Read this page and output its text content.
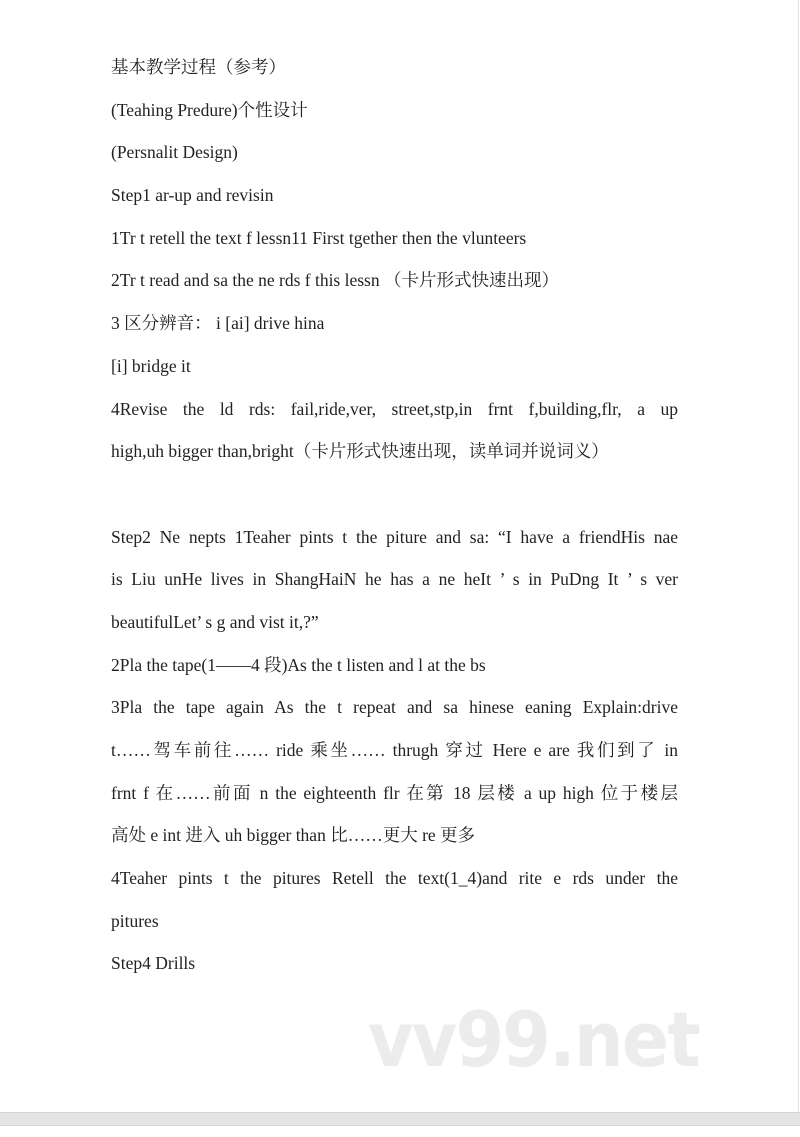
基本教学过程（参考）
(Teahing Predure)个性设计
(Persnalit Design)
Step1 ar-up and revisin
1Tr t retell the text f lessn11 First tgether then the vlunteers
2Tr t read and sa the ne rds f this lessn （卡片形式快速出现）
3 区分辨音： i [ai] drive hina
[i] bridge it
4Revise the ld rds: fail,ride,ver, street,stp,in frnt f,building,flr, a up
high,uh bigger than,bright（卡片形式快速出现，读单词并说词义）
Step2 Ne nepts 1Teaher pints t the piture and sa: “I have a friendHis nae
is Liu unHe lives in ShangHaiN he has a ne heIt ’ s in PuDng It ’ s ver
beautifulLet’ s g and vist it,?”
2Pla the tape(1——4 段)As the t listen and l at the bs
3Pla the tape again As the t repeat and sa hinese eaning Explain:drive
t……驾车前往…… ride 乘坐…… thrugh 穿过 Here e are 我们到了 in
frnt f 在……前面 n the eighteenth flr 在第 18 层楼 a up high 位于楼层
高处 e int 进入 uh bigger than 比……更大 re 更多
4Teaher pints t the pitures Retell the text(1_4)and rite e rds under the
pitures
Step4 Drills
vv99.net
